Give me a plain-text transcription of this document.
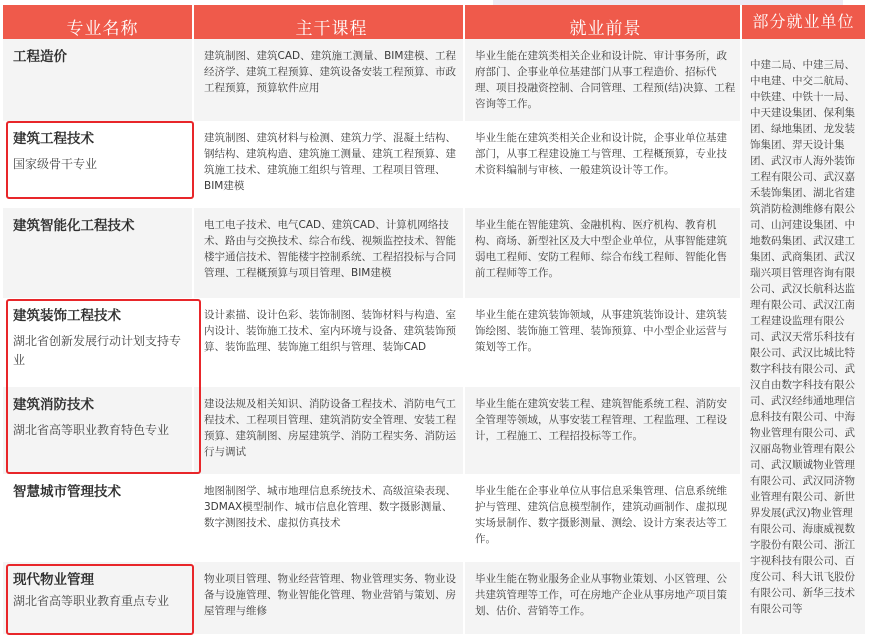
专业名称	主干课程	就业前景	部分就业单位

工程造价	建筑制图、建筑CAD、建筑施工测量、BIM建模、工程经济学、建筑工程预算、建筑设备安装工程预算、市政工程预算，预算软件应用	毕业生能在建筑类相关企业和设计院、审计事务所，政府部门、企事业单位基建部门从事工程造价、招标代理、项目投融资控制、合同管理、工程预(结)决算、工程咨询等工作。	中建二局、中建三局、中电建、中交二航局、中铁建、中铁十一局、中天建设集团、保利集团、绿地集团、龙发装饰集团、羿天设计集团、武汉市人海外装饰工程有限公司、武汉嘉禾装饰集团、湖北省建筑消防检测维修有限公司、山河建设集团、中地数码集团、武汉建工集团、武商集团、武汉瑞兴项目管理咨询有限公司、武汉长航科达监理有限公司、武汉江南工程建设监理有限公司、武汉天常乐科技有限公司、武汉比城比特数字科技有限公司、武汉自由数字科技有限公司、武汉经纬通地理信息科技有限公司、中海物业管理有限公司、武汉丽岛物业管理有限公司、武汉顺诚物业管理有限公司、武汉同济物业管理有限公司、新世界发展(武汉)物业管理有限公司、海康威视数字股份有限公司、浙江宇视科技有限公司、百度公司、科大讯飞股份有限公司、新华三技术有限公司等

建筑工程技术
国家级骨干专业	建筑制图、建筑材料与检测、建筑力学、混凝土结构、钢结构、建筑构造、建筑施工测量、建筑工程预算、建筑施工技术、建筑施工组织与管理、工程项目管理、BIM建模	毕业生能在建筑类相关企业和设计院，企事业单位基建部门，从事工程建设施工与管理、工程概预算，专业技术资料编制与审核、一般建筑设计等工作。	

建筑智能化工程技术	电工电子技术、电气CAD、建筑CAD、计算机网络技术、路由与交换技术、综合布线、视频监控技术、智能楼宇通信技术、智能楼宇控制系统、工程招投标与合同管理、工程概预算与项目管理、BIM建模	毕业生能在智能建筑、金融机构、医疗机构、教育机构、商场、新型社区及大中型企业单位，从事智能建筑弱电工程师、安防工程师、综合布线工程师、智能化售前工程师等工作。	

建筑装饰工程技术
湖北省创新发展行动计划支持专业	设计素描、设计色彩、装饰制图、装饰材料与构造、室内设计、装饰施工技术、室内环境与设备、建筑装饰预算、装饰监理、装饰施工组织与管理、装饰CAD	毕业生能在建筑装饰领域，从事建筑装饰设计、建筑装饰绘图、装饰施工管理、装饰预算、中小型企业运营与策划等工作。	

建筑消防技术
湖北省高等职业教育特色专业	建设法规及相关知识、消防设备工程技术、消防电气工程技术、工程项目管理、建筑消防安全管理、安装工程预算、建筑制图、房屋建筑学、消防工程实务、消防运行与调试	毕业生能在建筑安装工程、建筑智能系统工程、消防安全管理等领域，从事安装工程管理、工程监理、工程设计，工程施工、工程招投标等工作。	

智慧城市管理技术	地图制图学、城市地理信息系统技术、高级渲染表现、3DMAX模型制作、城市信息化管理、数字摄影测量、数字测图技术、虚拟仿真技术	毕业生能在企事业单位从事信息采集管理、信息系统维护与管理、建筑信息模型制作，建筑动画制作、虚拟现实场景制作、数字摄影测量、测绘、设计方案表达等工作。	

现代物业管理
湖北省高等职业教育重点专业	物业项目管理、物业经营管理、物业管理实务、物业设备与设施管理、物业智能化管理、物业营销与策划、房屋管理与维修	毕业生能在物业服务企业从事物业策划、小区管理、公共建筑管理等工作，可在房地产企业从事房地产项目策划、估价、营销等工作。	
